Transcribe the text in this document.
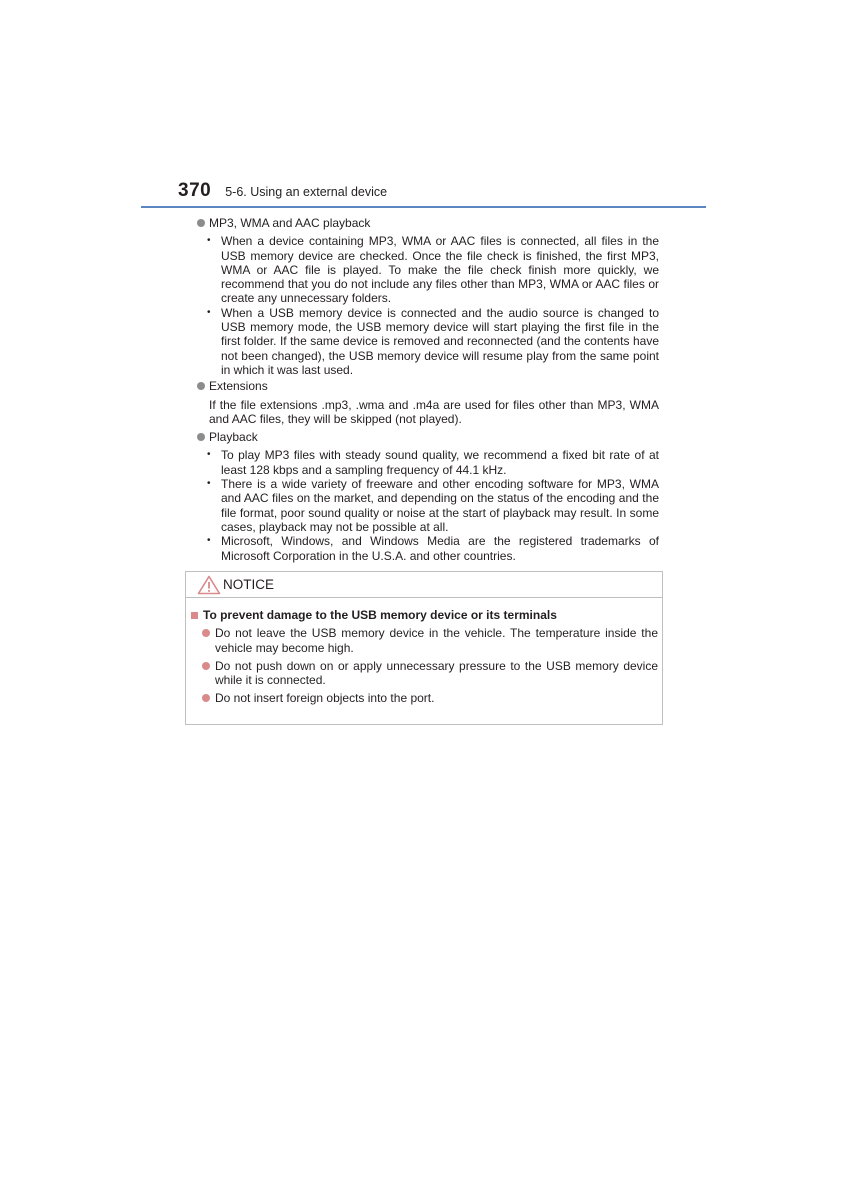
370 5-6. Using an external device
MP3, WMA and AAC playback
• When a device containing MP3, WMA or AAC files is connected, all files in the USB memory device are checked. Once the file check is finished, the first MP3, WMA or AAC file is played. To make the file check finish more quickly, we recommend that you do not include any files other than MP3, WMA or AAC files or create any unnecessary folders.
• When a USB memory device is connected and the audio source is changed to USB memory mode, the USB memory device will start playing the first file in the first folder. If the same device is removed and reconnected (and the contents have not been changed), the USB memory device will resume play from the same point in which it was last used.
Extensions
If the file extensions .mp3, .wma and .m4a are used for files other than MP3, WMA and AAC files, they will be skipped (not played).
Playback
• To play MP3 files with steady sound quality, we recommend a fixed bit rate of at least 128 kbps and a sampling frequency of 44.1 kHz.
• There is a wide variety of freeware and other encoding software for MP3, WMA and AAC files on the market, and depending on the status of the encoding and the file format, poor sound quality or noise at the start of playback may result. In some cases, playback may not be possible at all.
• Microsoft, Windows, and Windows Media are the registered trademarks of Microsoft Corporation in the U.S.A. and other countries.
NOTICE
To prevent damage to the USB memory device or its terminals
Do not leave the USB memory device in the vehicle. The temperature inside the vehicle may become high.
Do not push down on or apply unnecessary pressure to the USB memory device while it is connected.
Do not insert foreign objects into the port.
